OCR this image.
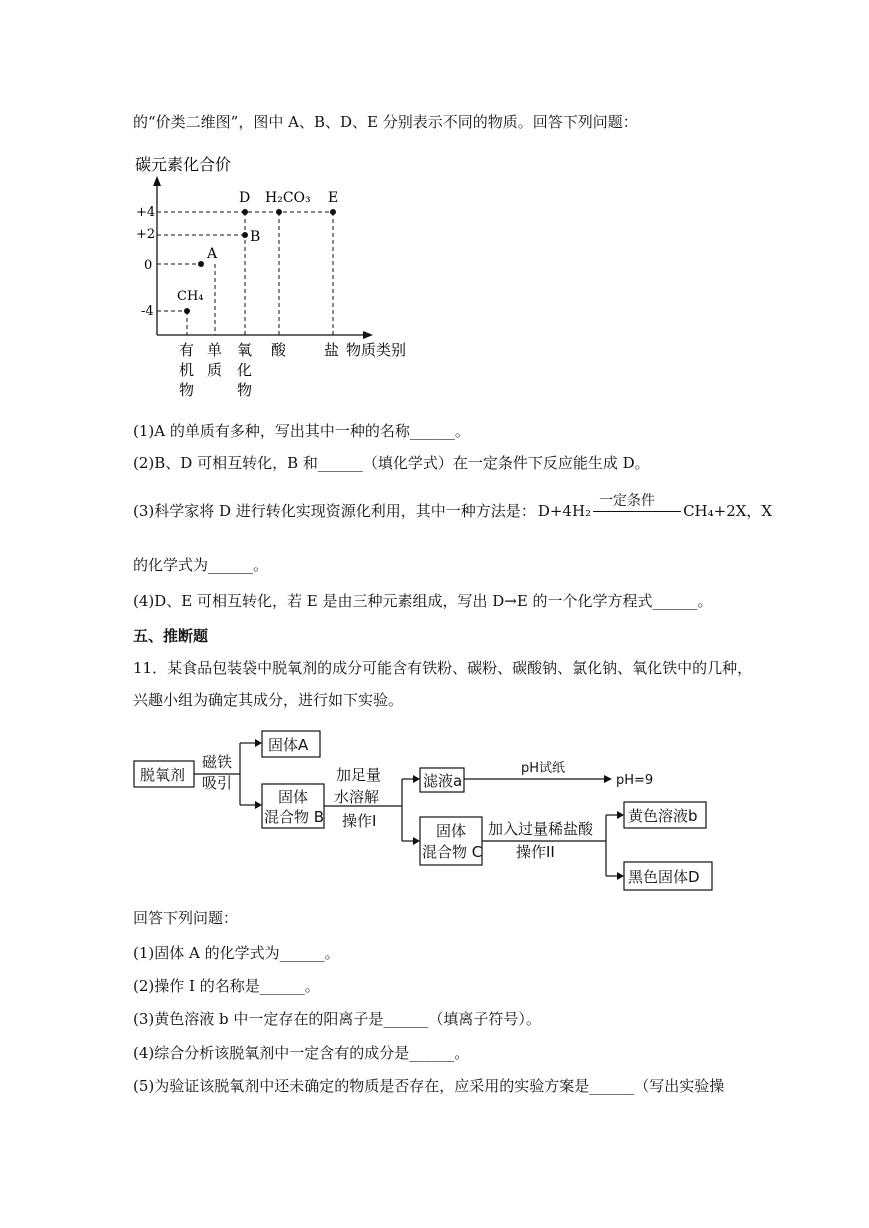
的“价类二维图”，图中 A、B、D、E 分别表示不同的物质。回答下列问题：

碳元素化合价
+4
+2
0
-4
CH₄
A
B
D H₂CO₃ E
有
机
物
单
质
氧
化
物
酸	盐 物质类别

(1)A 的单质有多种，写出其中一种的名称______。

(2)B、D 可相互转化，B 和______（填化学式）在一定条件下反应能生成 D。

(3)科学家将 D 进行转化实现资源化利用，其中一种方法是： D+4H₂
一定条件
CH₄+2X，X

的化学式为______。

(4)D、E 可相互转化，若 E 是由三种元素组成，写出 D→E 的一个化学方程式______。

五、推断题

11．某食品包装袋中脱氧剂的成分可能含有铁粉、碳粉、碳酸钠、氯化钠、氧化铁中的几种，

兴趣小组为确定其成分，进行如下实验。

脱氧剂
磁铁
吸引
固体A
固体
混合物 B
加足量
水溶解
操作I
滤液a
pH试纸
pH=9
固体
混合物 C
加入过量稀盐酸
操作II
黄色溶液b
黑色固体D

回答下列问题：

(1)固体 A 的化学式为______。

(2)操作 I 的名称是______。

(3)黄色溶液 b 中一定存在的阳离子是______（填离子符号）。

(4)综合分析该脱氧剂中一定含有的成分是______。

(5)为验证该脱氧剂中还未确定的物质是否存在，应采用的实验方案是______（写出实验操
